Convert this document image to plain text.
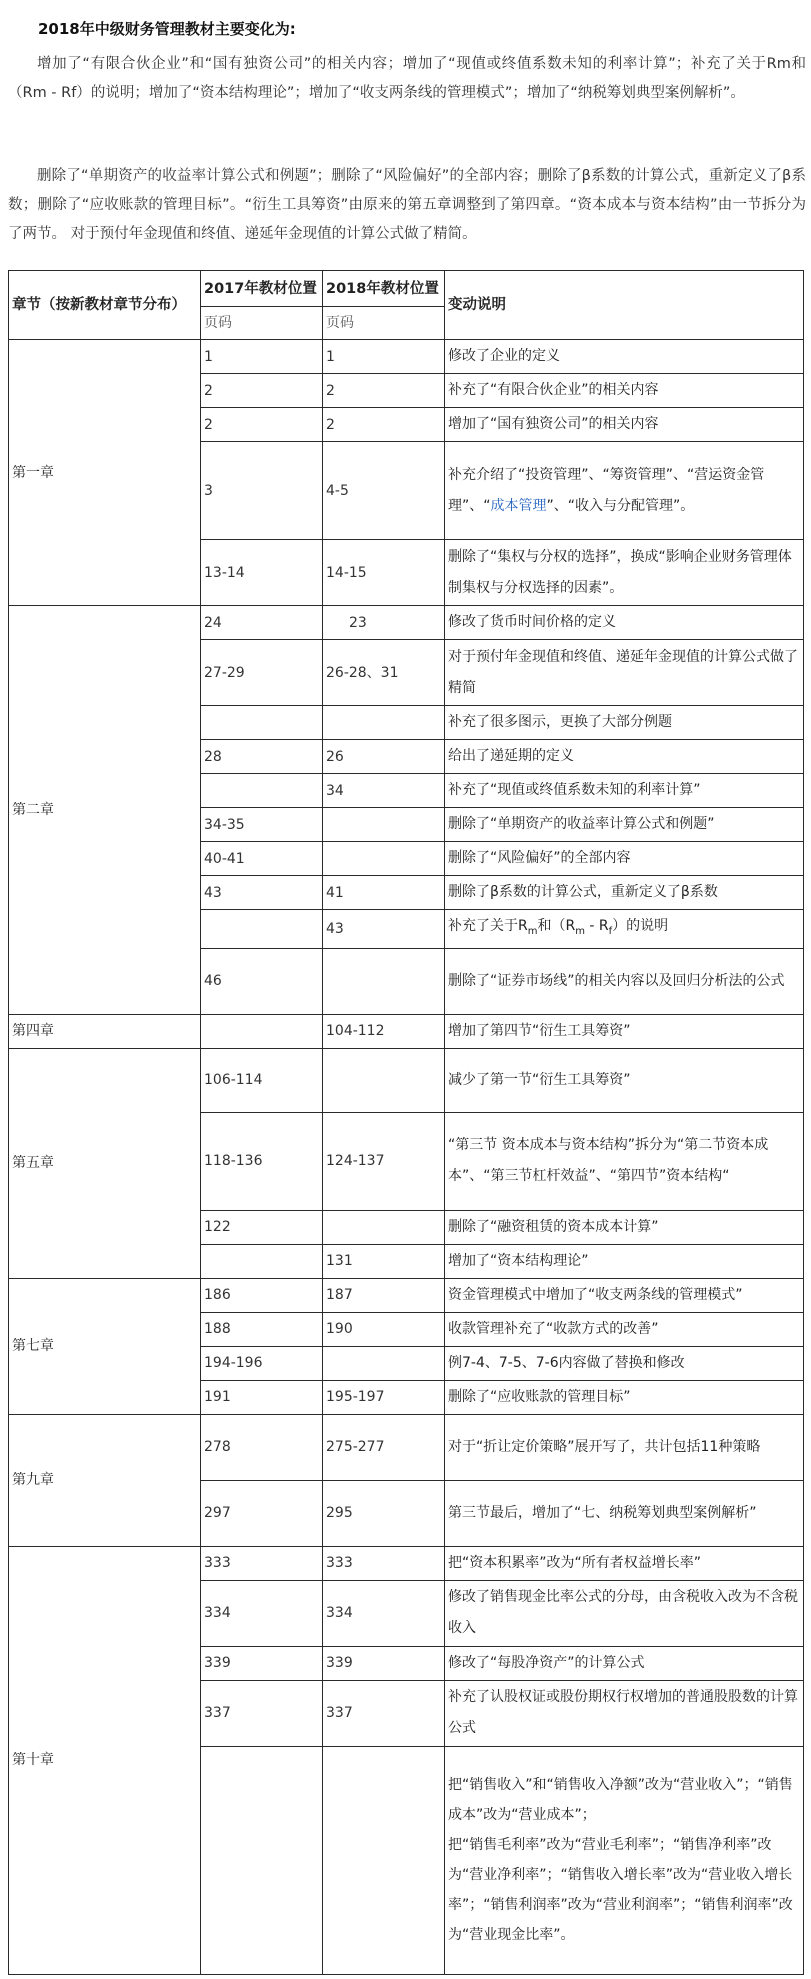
2018年中级财务管理教材主要变化为:
增加了“有限合伙企业”和“国有独资公司”的相关内容；增加了“现值或终值系数未知的利率计算”；补充了关于Rm和（Rm - Rf）的说明；增加了“资本结构理论”；增加了“收支两条线的管理模式”；增加了“纳税筹划典型案例解析”。
删除了“单期资产的收益率计算公式和例题”；删除了“风险偏好”的全部内容；删除了β系数的计算公式，重新定义了β系数；删除了“应收账款的管理目标”。“衍生工具筹资”由原来的第五章调整到了第四章。“资本成本与资本结构”由一节拆分为了两节。 对于预付年金现值和终值、递延年金现值的计算公式做了精简。
章节（按新教材章节分布）	2017年教材位置	2018年教材位置	变动说明
	页码	页码	
第一章	1	1	修改了企业的定义
	2	2	补充了“有限合伙企业”的相关内容
	2	2	增加了“国有独资公司”的相关内容
	3	4-5	补充介绍了“投资管理”、“筹资管理”、“营运资金管理”、“成本管理”、“收入与分配管理”。
	13-14	14-15	删除了“集权与分权的选择”，换成“影响企业财务管理体制集权与分权选择的因素”。
第二章	24	23	修改了货币时间价格的定义
	27-29	26-28、31	对于预付年金现值和终值、递延年金现值的计算公式做了精简
			补充了很多图示，更换了大部分例题
	28	26	给出了递延期的定义
		34	补充了“现值或终值系数未知的利率计算”
	34-35		删除了“单期资产的收益率计算公式和例题”
	40-41		删除了“风险偏好”的全部内容
	43	41	删除了β系数的计算公式，重新定义了β系数
		43	补充了关于$R_m$和$(R_m - R_f)$的说明
	46		删除了“证券市场线”的相关内容以及回归分析法的公式
第四章		104-112	增加了第四节“衍生工具筹资”
第五章	106-114		减少了第一节“衍生工具筹资”
	118-136	124-137	“第三节 资本成本与资本结构”拆分为“第二节资本成本”、“第三节杠杆效益”、“第四节”资本结构“
	122		删除了“融资租赁的资本成本计算”
		131	增加了“资本结构理论”
第七章	186	187	资金管理模式中增加了“收支两条线的管理模式”
	188	190	收款管理补充了“收款方式的改善”
	194-196		例7-4、7-5、7-6内容做了替换和修改
	191	195-197	删除了“应收账款的管理目标”
第九章	278	275-277	对于“折让定价策略”展开写了，共计包括11种策略
	297	295	第三节最后，增加了“七、纳税筹划典型案例解析”
第十章	333	333	把“资本积累率”改为“所有者权益增长率”
	334	334	修改了销售现金比率公式的分母，由含税收入改为不含税收入
	339	339	修改了“每股净资产”的计算公式
	337	337	补充了认股权证或股份期权行权增加的普通股股数的计算公式

			把“销售收入”和“销售收入净额”改为“营业收入”；“销售成本”改为“营业成本”；
把“销售毛利率”改为“营业毛利率”；“销售净利率”改为“营业净利率”；“销售收入增长率”改为“营业收入增长率”；“销售利润率”改为“营业利润率”；“销售利润率”改为“营业现金比率”。
